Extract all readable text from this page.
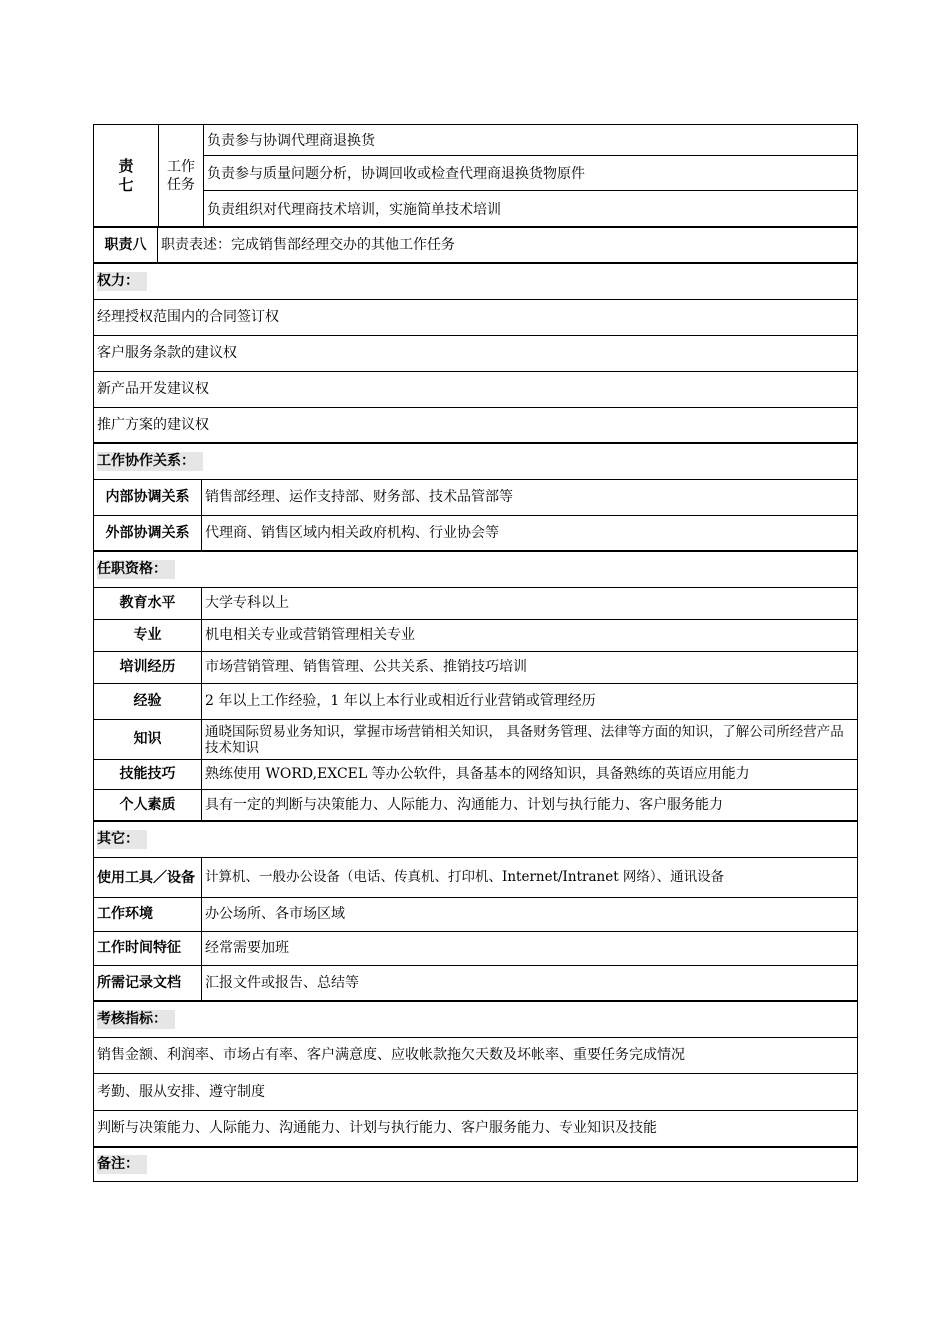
责
七
工作
任务
负责参与协调代理商退换货
负责参与质量问题分析，协调回收或检查代理商退换货物原件
负责组织对代理商技术培训，实施简单技术培训
职责八	职责表述：完成销售部经理交办的其他工作任务
权力：
经理授权范围内的合同签订权
客户服务条款的建议权
新产品开发建议权
推广方案的建议权
工作协作关系：
内部协调关系	销售部经理、运作支持部、财务部、技术品管部等
外部协调关系	代理商、销售区域内相关政府机构、行业协会等
任职资格：
教育水平	大学专科以上
专业	机电相关专业或营销管理相关专业
培训经历	市场营销管理、销售管理、公共关系、推销技巧培训
经验	2 年以上工作经验，1 年以上本行业或相近行业营销或管理经历
知识	通晓国际贸易业务知识，掌握市场营销相关知识， 具备财务管理、法律等方面的知识，了解公司所经营产品技术知识
技能技巧	熟练使用 WORD,EXCEL 等办公软件，具备基本的网络知识，具备熟练的英语应用能力
个人素质	具有一定的判断与决策能力、人际能力、沟通能力、计划与执行能力、客户服务能力
其它：
使用工具／设备 计算机、一般办公设备（电话、传真机、打印机、Internet/Intranet 网络）、通讯设备
工作环境	办公场所、各市场区域
工作时间特征	经常需要加班
所需记录文档	汇报文件或报告、总结等
考核指标：
销售金额、利润率、市场占有率、客户满意度、应收帐款拖欠天数及坏帐率、重要任务完成情况
考勤、服从安排、遵守制度
判断与决策能力、人际能力、沟通能力、计划与执行能力、客户服务能力、专业知识及技能
备注：
